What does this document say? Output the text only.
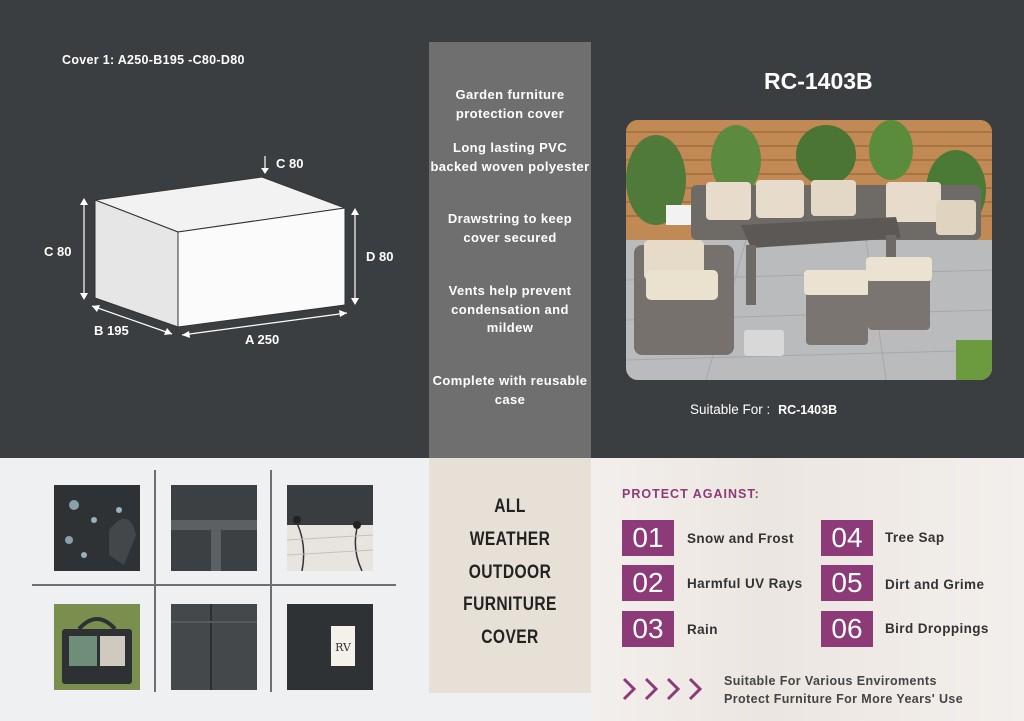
Cover 1: A250-B195 -C80-D80
C 80
C 80	D 80
B 195
A 250
Garden furniture protection cover
Long lasting PVC backed woven polyester
Drawstring to keep cover secured
Vents help prevent condensation and mildew
Complete with reusable case
RC-1403B
Suitable For : RC-1403B
RV
ALL
WEATHER
OUTDOOR
FURNITURE
COVER
PROTECT AGAINST:
01	Snow and Frost
02	Harmful UV Rays
03	Rain
04	Tree Sap
05	Dirt and Grime
06	Bird Droppings
Suitable For Various Enviroments
Protect Furniture For More Years' Use
